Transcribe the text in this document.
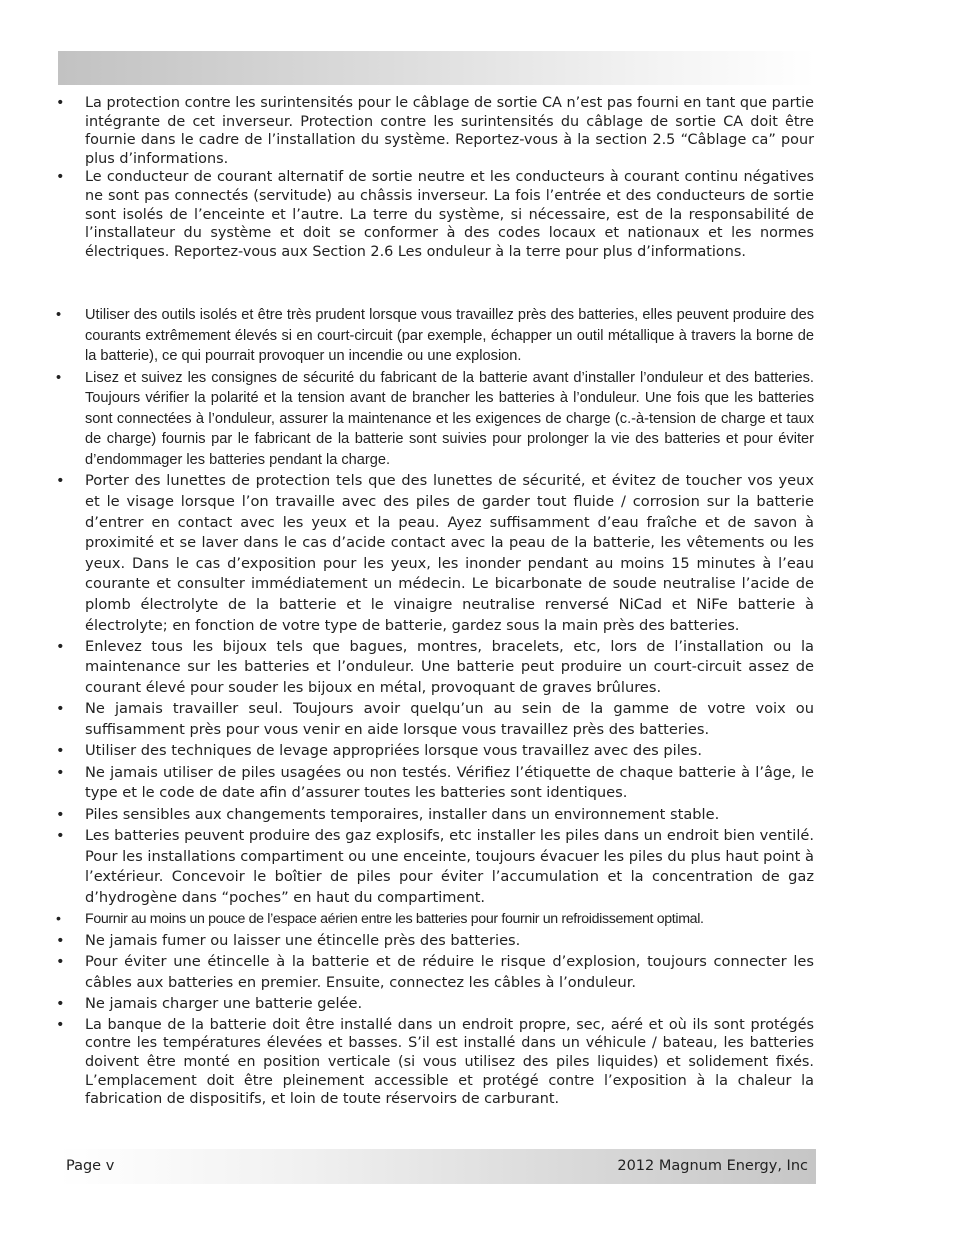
• La protection contre les surintensités pour le câblage de sortie CA n’est pas fourni en tant que partie intégrante de cet inverseur. Protection contre les surintensités du câblage de sortie CA doit être fournie dans le cadre de l’installation du système. Reportez-vous à la section 2.5 “Câblage ca” pour plus d’informations.
• Le conducteur de courant alternatif de sortie neutre et les conducteurs à courant continu négatives ne sont pas connectés (servitude) au châssis inverseur. La fois l’entrée et des conducteurs de sortie sont isolés de l’enceinte et l’autre. La terre du système, si nécessaire, est de la responsabilité de l’installateur du système et doit se conformer à des codes locaux et nationaux et les normes électriques. Reportez-vous aux Section 2.6 Les onduleur à la terre pour plus d’informations.
• Utiliser des outils isolés et être très prudent lorsque vous travaillez près des batteries, elles peuvent produire des courants extrêmement élevés si en court-circuit (par exemple, échapper un outil métallique à travers la borne de la batterie), ce qui pourrait provoquer un incendie ou une explosion.
• Lisez et suivez les consignes de sécurité du fabricant de la batterie avant d’installer l’onduleur et des batteries. Toujours vérifier la polarité et la tension avant de brancher les batteries à l’onduleur. Une fois que les batteries sont connectées à l’onduleur, assurer la maintenance et les exigences de charge (c.-à-tension de charge et taux de charge) fournis par le fabricant de la batterie sont suivies pour prolonger la vie des batteries et pour éviter d’endommager les batteries pendant la charge.
• Porter des lunettes de protection tels que des lunettes de sécurité, et évitez de toucher vos yeux et le visage lorsque l’on travaille avec des piles de garder tout fluide / corrosion sur la batterie d’entrer en contact avec les yeux et la peau. Ayez suffisamment d’eau fraîche et de savon à proximité et se laver dans le cas d’acide contact avec la peau de la batterie, les vêtements ou les yeux. Dans le cas d’exposition pour les yeux, les inonder pendant au moins 15 minutes à l’eau courante et consulter immédiatement un médecin. Le bicarbonate de soude neutralise l’acide de plomb électrolyte de la batterie et le vinaigre neutralise renversé NiCad et NiFe batterie à électrolyte; en fonction de votre type de batterie, gardez sous la main près des batteries.
• Enlevez tous les bijoux tels que bagues, montres, bracelets, etc, lors de l’installation ou la maintenance sur les batteries et l’onduleur. Une batterie peut produire un court-circuit assez de courant élevé pour souder les bijoux en métal, provoquant de graves brûlures.
• Ne jamais travailler seul. Toujours avoir quelqu’un au sein de la gamme de votre voix ou suffisamment près pour vous venir en aide lorsque vous travaillez près des batteries.
• Utiliser des techniques de levage appropriées lorsque vous travaillez avec des piles.
• Ne jamais utiliser de piles usagées ou non testés. Vérifiez l’étiquette de chaque batterie à l’âge, le type et le code de date afin d’assurer toutes les batteries sont identiques.
• Piles sensibles aux changements temporaires, installer dans un environnement stable.
• Les batteries peuvent produire des gaz explosifs, etc installer les piles dans un endroit bien ventilé. Pour les installations compartiment ou une enceinte, toujours évacuer les piles du plus haut point à l’extérieur. Concevoir le boîtier de piles pour éviter l’accumulation et la concentration de gaz d’hydrogène dans “poches” en haut du compartiment.
• Fournir au moins un pouce de l’espace aérien entre les batteries pour fournir un refroidissement optimal.
• Ne jamais fumer ou laisser une étincelle près des batteries.
• Pour éviter une étincelle à la batterie et de réduire le risque d’explosion, toujours connecter les câbles aux batteries en premier. Ensuite, connectez les câbles à l’onduleur.
• Ne jamais charger une batterie gelée.
• La banque de la batterie doit être installé dans un endroit propre, sec, aéré et où ils sont protégés contre les températures élevées et basses. S’il est installé dans un véhicule / bateau, les batteries doivent être monté en position verticale (si vous utilisez des piles liquides) et solidement fixés. L’emplacement doit être pleinement accessible et protégé contre l’exposition à la chaleur la fabrication de dispositifs, et loin de toute réservoirs de carburant.
Page v	2012 Magnum Energy, Inc
